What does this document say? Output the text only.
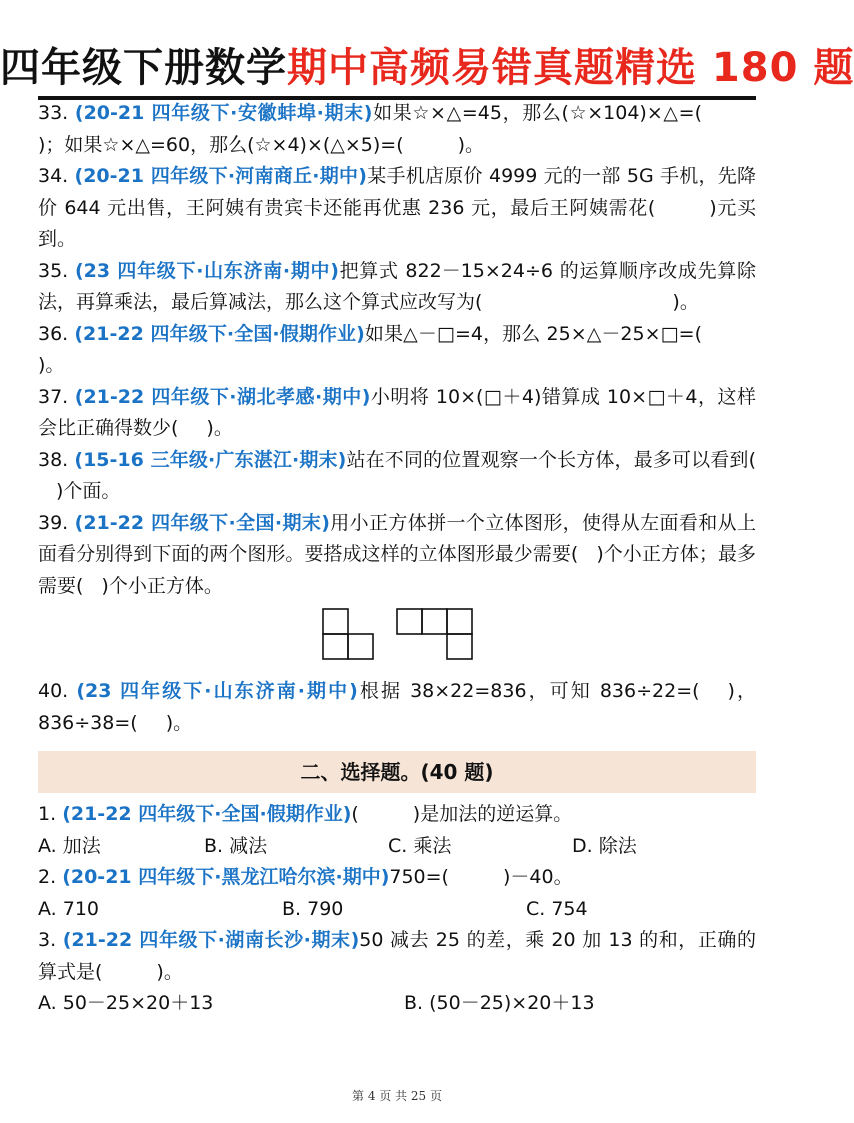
四年级下册数学期中高频易错真题精选 180 题

33. (20-21 四年级下·安徽蚌埠·期末)如果☆×△=45，那么(☆×104)×△=()；如果☆×△=60，那么(☆×4)×(△×5)=(	)。

34. (20-21 四年级下·河南商丘·期中)某手机店原价 4999 元的一部 5G 手机，先降价 644 元出售，王阿姨有贵宾卡还能再优惠 236 元，最后王阿姨需花(	)元买到。

35. (23 四年级下·山东济南·期中)把算式 822－15×24÷6 的运算顺序改成先算除法，再算乘法，最后算减法，那么这个算式应改写为(	)。

36. (21-22 四年级下·全国·假期作业)如果△－□=4，那么 25×△－25×□=()。

37. (21-22 四年级下·湖北孝感·期中)小明将 10×(□＋4)错算成 10×□＋4，这样会比正确得数少( )。

38. (15-16 三年级·广东湛江·期末)站在不同的位置观察一个长方体，最多可以看到()个面。

39. (21-22 四年级下·全国·期末)用小正方体拼一个立体图形，使得从左面看和从上面看分别得到下面的两个图形。要搭成这样的立体图形最少需要( )个小正方体；最多需要( )个小正方体。

40. (23 四年级下·山东济南·期中)根据 38×22=836，可知 836÷22=( )，836÷38=( )。

二、选择题。(40 题)

1. (21-22 四年级下·全国·假期作业)(	)是加法的逆运算。

A. 加法	B. 减法	C. 乘法	D. 除法

2. (20-21 四年级下·黑龙江哈尔滨·期中)750=(	)－40。

A. 710	B. 790	C. 754

3. (21-22 四年级下·湖南长沙·期末)50 减去 25 的差，乘 20 加 13 的和，正确的算式是(	)。

A. 50－25×20＋13	B. (50－25)×20＋13
第 4 页 共 25 页
